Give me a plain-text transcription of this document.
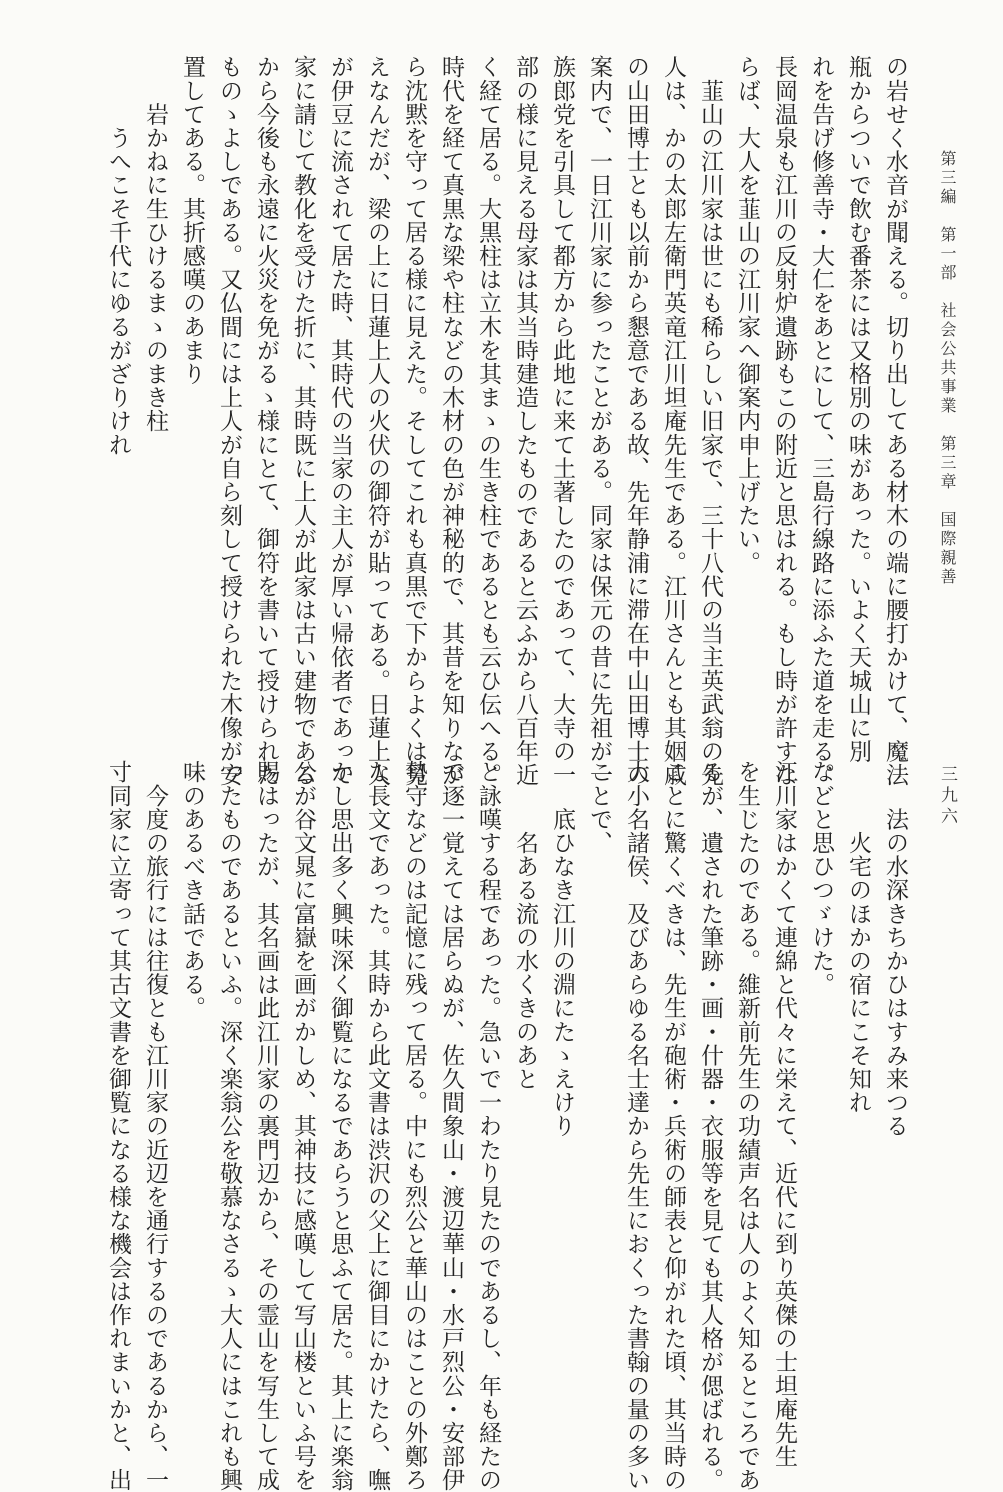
第三編　第一部　社会公共事業　第三章　国際親善
三九六
の岩せく水音が聞える。切り出してある材木の端に腰打かけて、魔法
瓶からついで飲む番茶には又格別の味があった。いよく天城山に別
れを告げ修善寺・大仁をあとにして、三島行線路に添ふた道を走る。
長岡温泉も江川の反射炉遺跡もこの附近と思はれる。もし時が許すな
らば、大人を韮山の江川家へ御案内申上げたい。
　韮山の江川家は世にも稀らしい旧家で、三十八代の当主英武翁の先
人は、かの太郎左衛門英竜江川坦庵先生である。江川さんとも其姻戚
の山田博士とも以前から懇意である故、先年静浦に滞在中山田博士の
案内で、一日江川家に参ったことがある。同家は保元の昔に先祖が一
族郎党を引具して都方から此地に来て土著したのであって、大寺の一
部の様に見える母家は其当時建造したものであると云ふから八百年近
く経て居る。大黒柱は立木を其まゝの生き柱であるとも云ひ伝へる。
時代を経て真黒な梁や柱などの木材の色が神秘的で、其昔を知りなが
ら沈黙を守って居る様に見えた。そしてこれも真黒で下からよくは見
えなんだが、梁の上に日蓮上人の火伏の御符が貼ってある。日蓮上人
が伊豆に流されて居た時、其時代の当家の主人が厚い帰依者であって
家に請じて教化を受けた折に、其時既に上人が此家は古い建物である
から今後も永遠に火災を免がるゝ様にとて、御符を書いて授けられた
ものゝよしである。又仏間には上人が自ら刻して授けられた木像が安
置してある。其折感嘆のあまり
　　岩かねに生ひけるまゝのまき柱
　　　うへこそ千代にゆるがざりけれ
　　法の水深きちかひはすみ来つる
　　　火宅のほかの宿にこそ知れ
などと思ひつゞけた。
江川家はかくて連綿と代々に栄えて、近代に到り英傑の士坦庵先生
を生じたのである。維新前先生の功績声名は人のよく知るところであ
るが、遺された筆跡・画・什器・衣服等を見ても其人格が偲ばれる。
ことに驚くべきは、先生が砲術・兵術の師表と仰がれた頃、其当時の
大小名諸侯、及びあらゆる名士達から先生におくった書翰の量の多い
ことで、
　　底ひなき江川の淵にたゝえけり
　　　名ある流の水くきのあと
と詠嘆する程であった。急いで一わたり見たのであるし、年も経たの
で逐一覚えては居らぬが、佐久間象山・渡辺華山・水戸烈公・安部伊
勢守などのは記憶に残って居る。中にも烈公と華山のはことの外鄭ろ
な長文であった。其時から此文書は渋沢の父上に御目にかけたら、嘸
かし思出多く興味深く御覧になるであらうと思ふて居た。其上に楽翁
公が谷文晁に富嶽を画がかしめ、其神技に感嘆して写山楼といふ号を
賜はったが、其名画は此江川家の裏門辺から、その霊山を写生して成
ったものであるといふ。深く楽翁公を敬慕なさるゝ大人にはこれも興
味のあるべき話である。
　今度の旅行には往復とも江川家の近辺を通行するのであるから、一
寸同家に立寄って其古文書を御覧になる様な機会は作れまいかと、出
